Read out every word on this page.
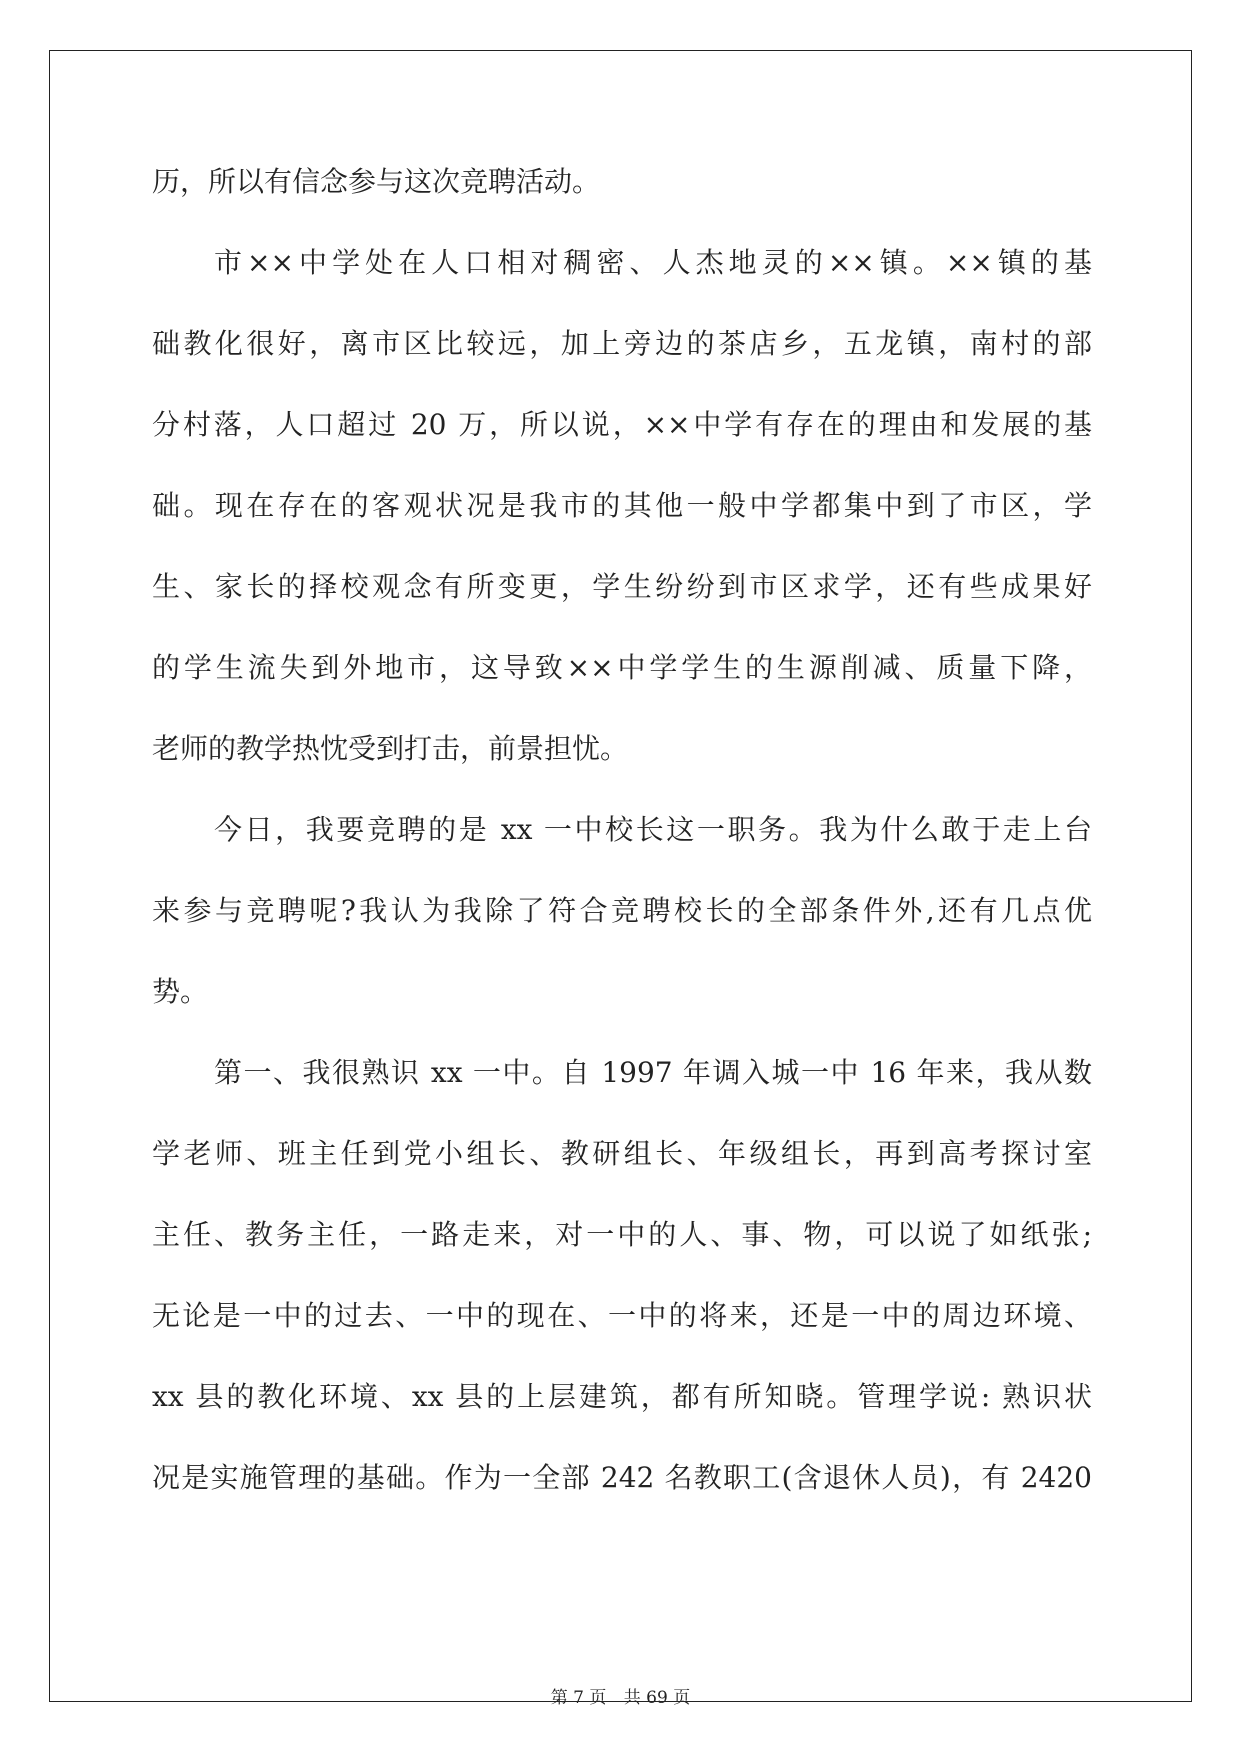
历，所以有信念参与这次竞聘活动。
市××中学处在人口相对稠密、人杰地灵的××镇。××镇的基
础教化很好，离市区比较远，加上旁边的茶店乡，五龙镇，南村的部
分村落，人口超过 20 万，所以说，××中学有存在的理由和发展的基
础。现在存在的客观状况是我市的其他一般中学都集中到了市区，学
生、家长的择校观念有所变更，学生纷纷到市区求学，还有些成果好
的学生流失到外地市，这导致××中学学生的生源削减、质量下降，
老师的教学热忱受到打击，前景担忧。
今日，我要竞聘的是 xx 一中校长这一职务。我为什么敢于走上台
来参与竞聘呢?我认为我除了符合竞聘校长的全部条件外,还有几点优
势。
第一、我很熟识 xx 一中。自 1997 年调入城一中 16 年来，我从数
学老师、班主任到党小组长、教研组长、年级组长，再到高考探讨室
主任、教务主任，一路走来，对一中的人、事、物，可以说了如纸张;
无论是一中的过去、一中的现在、一中的将来，还是一中的周边环境、
xx 县的教化环境、xx 县的上层建筑，都有所知晓。管理学说: 熟识状
况是实施管理的基础。作为一全部 242 名教职工(含退休人员)，有 2420
第 7 页 共 69 页
